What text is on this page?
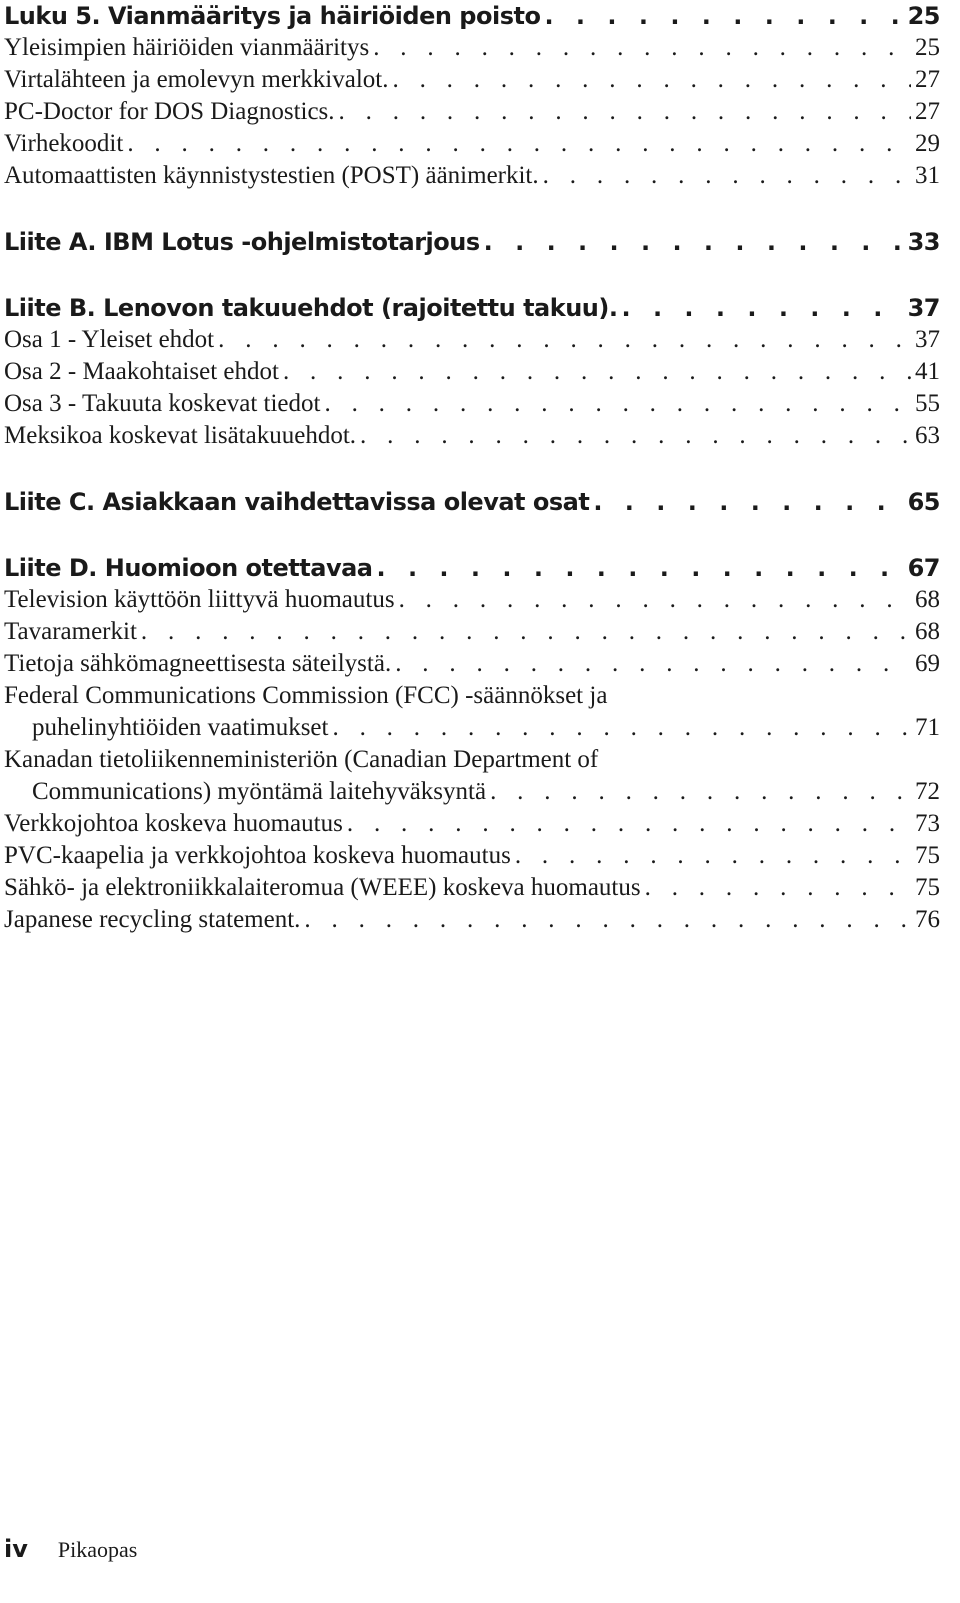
Luku 5. Vianmääritys ja häiriöiden poisto . . .	25
Yleisimpien häiriöiden vianmääritys . . .	25
Virtalähteen ja emolevyn merkkivalot. . . .	27
PC-Doctor for DOS Diagnostics. . . .	27
Virhekoodit . . .	29
Automaattisten käynnistystestien (POST) äänimerkit. . . .	31
Liite A. IBM Lotus -ohjelmistotarjous . . .	33
Liite B. Lenovon takuuehdot (rajoitettu takuu). . . .	37
Osa 1 - Yleiset ehdot . . .	37
Osa 2 - Maakohtaiset ehdot . . .	41
Osa 3 - Takuuta koskevat tiedot . . .	55
Meksikoa koskevat lisätakuuehdot. . . .	63
Liite C. Asiakkaan vaihdettavissa olevat osat . . .	65
Liite D. Huomioon otettavaa . . .	67
Television käyttöön liittyvä huomautus . . .	68
Tavaramerkit . . .	68
Tietoja sähkömagneettisesta säteilystä. . . .	69
Federal Communications Commission (FCC) -säännökset ja
puhelinyhtiöiden vaatimukset . . .	71
Kanadan tietoliikenneministeriön (Canadian Department of
Communications) myöntämä laitehyväksyntä . . .	72
Verkkojohtoa koskeva huomautus . . .	73
PVC-kaapelia ja verkkojohtoa koskeva huomautus . . .	75
Sähkö- ja elektroniikkalaiteromua (WEEE) koskeva huomautus . . .	75
Japanese recycling statement. . . .	76
iv Pikaopas
